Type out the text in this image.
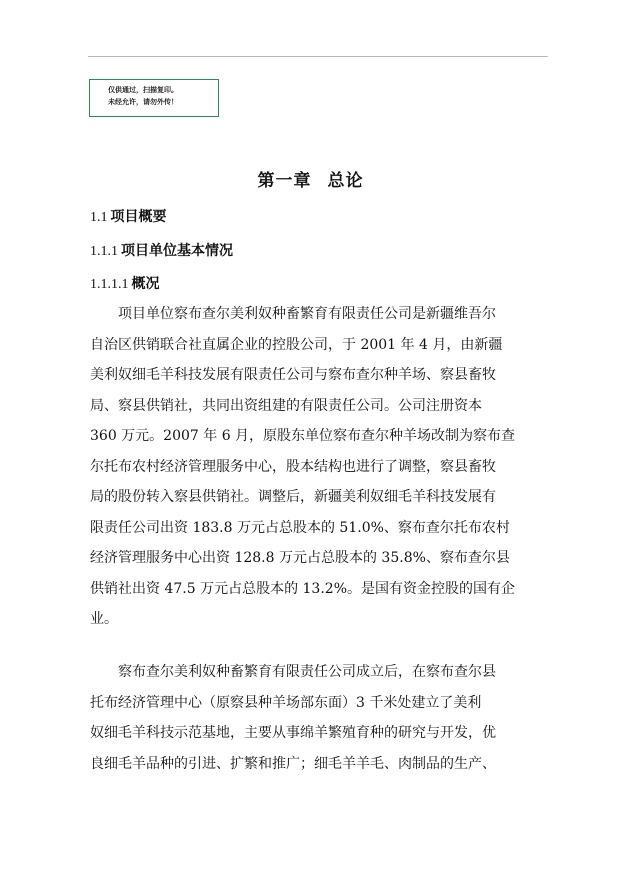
仅供通过，扫描复印。
未经允许，请勿外传！
第一章 总论
1.1 项目概要
1.1.1 项目单位基本情况
1.1.1.1 概况
项目单位察布查尔美利奴种畜繁育有限责任公司是新疆维吾尔
自治区供销联合社直属企业的控股公司，于 2001 年 4 月，由新疆
美利奴细毛羊科技发展有限责任公司与察布查尔种羊场、察县畜牧
局、察县供销社，共同出资组建的有限责任公司。公司注册资本
360 万元。2007 年 6 月，原股东单位察布查尔种羊场改制为察布查
尔托布农村经济管理服务中心，股本结构也进行了调整，察县畜牧
局的股份转入察县供销社。调整后，新疆美利奴细毛羊科技发展有
限责任公司出资 183.8 万元占总股本的 51.0%、察布查尔托布农村
经济管理服务中心出资 128.8 万元占总股本的 35.8%、察布查尔县
供销社出资 47.5 万元占总股本的 13.2%。是国有资金控股的国有企
业。
察布查尔美利奴种畜繁育有限责任公司成立后，在察布查尔县
托布经济管理中心（原察县种羊场部东面）3 千米处建立了美利
奴细毛羊科技示范基地，主要从事绵羊繁殖育种的研究与开发，优
良细毛羊品种的引进、扩繁和推广；细毛羊羊毛、肉制品的生产、
